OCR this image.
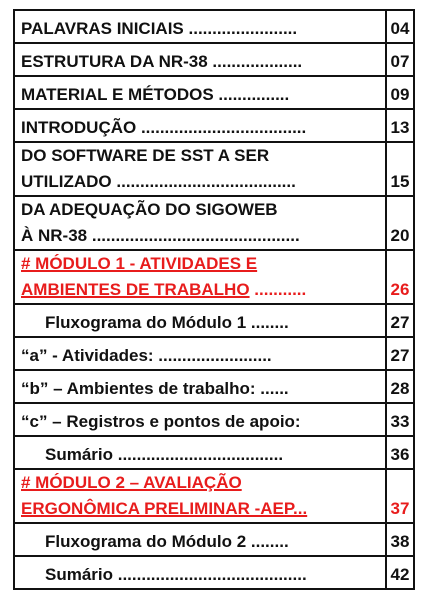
PALAVRAS INICIAIS .......................	04
ESTRUTURA DA NR-38 ...................	07
MATERIAL E MÉTODOS ...............	09
INTRODUÇÃO ...................................	13

DO SOFTWARE DE SST A SER
UTILIZADO ......................................	15

DA ADEQUAÇÃO DO SIGOWEB
À NR-38 ............................................	20

# MÓDULO 1 - ATIVIDADES E
AMBIENTES DE TRABALHO ...........	26
Fluxograma do Módulo 1 ........	27
“a” - Atividades: ........................	27
“b” – Ambientes de trabalho: ......	28
“c” – Registros e pontos de apoio:	33
Sumário ...................................	36

# MÓDULO 2 – AVALIAÇÃO
ERGONÔMICA PRELIMINAR -AEP...	37
Fluxograma do Módulo 2 ........	38
Sumário ........................................	42
